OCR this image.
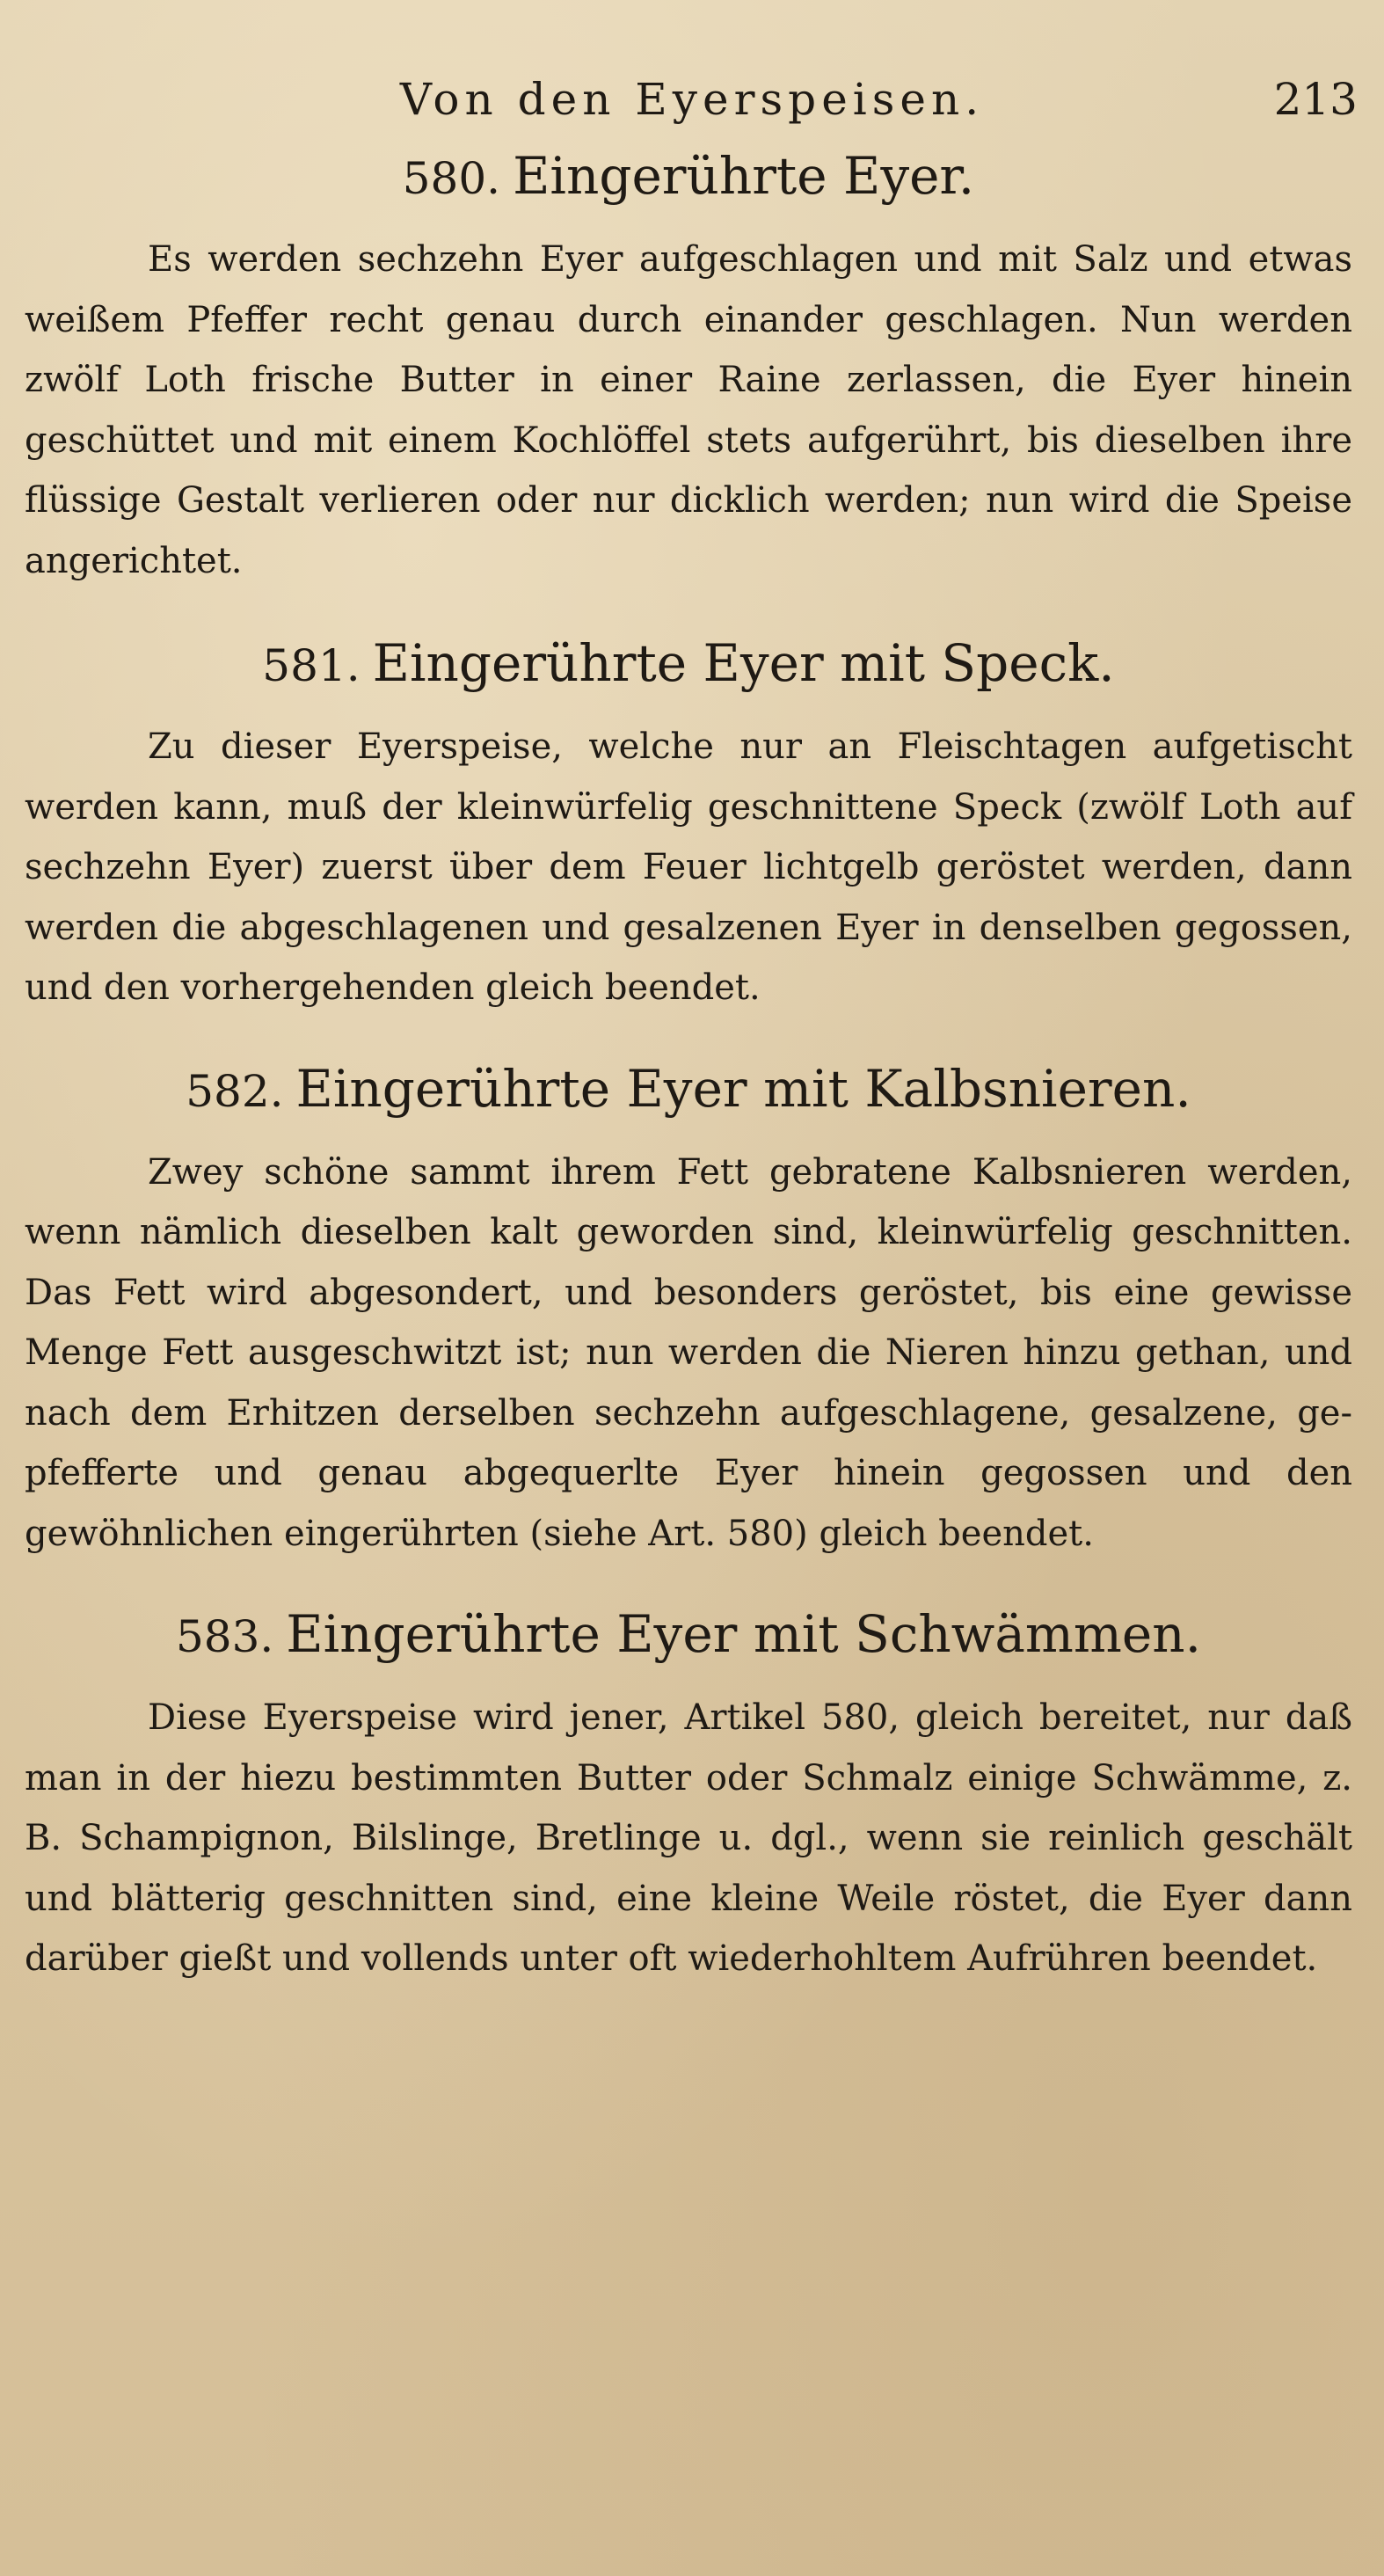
Von den Eyerspeisen.	213
580. Eingerührte Eyer.

Es werden sechzehn Eyer aufgeschlagen und mit Salz und etwas weißem Pfeffer recht genau durch einander geschlagen. Nun werden zwölf Loth frische Butter in einer Raine zerlassen, die Eyer hinein geschüttet und mit einem Kochlöffel stets aufgerührt, bis dieselben ihre flüssige Gestalt verlieren oder nur dicklich werden; nun wird die Speise angerichtet.

581. Eingerührte Eyer mit Speck.

Zu dieser Eyerspeise, welche nur an Fleischtagen aufgetischt werden kann, muß der kleinwürfelig geschnittene Speck (zwölf Loth auf sechzehn Eyer) zuerst über dem Feuer lichtgelb geröstet werden, dann werden die abgeschlagenen und gesalzenen Eyer in denselben gegossen, und den vorhergehenden gleich beendet.

582. Eingerührte Eyer mit Kalbsnieren.

Zwey schöne sammt ihrem Fett gebratene Kalbsnieren werden, wenn nämlich dieselben kalt geworden sind, kleinwürfelig geschnitten. Das Fett wird abgesondert, und besonders geröstet, bis eine gewisse Menge Fett ausgeschwitzt ist; nun werden die Nieren hinzu gethan, und nach dem Erhitzen derselben sechzehn aufgeschlagene, gesalzene, gepfefferte und genau abgequerlte Eyer hinein gegossen und den gewöhnlichen eingerührten (siehe Art. 580) gleich beendet.

583. Eingerührte Eyer mit Schwämmen.

Diese Eyerspeise wird jener, Artikel 580, gleich bereitet, nur daß man in der hiezu bestimmten Butter oder Schmalz einige Schwämme, z. B. Schampignon, Bilslinge, Bretlinge u. dgl., wenn sie reinlich geschält und blätterig geschnitten sind, eine kleine Weile röstet, die Eyer dann darüber gießt und vollends unter oft wiederhohltem Aufrühren beendet.
